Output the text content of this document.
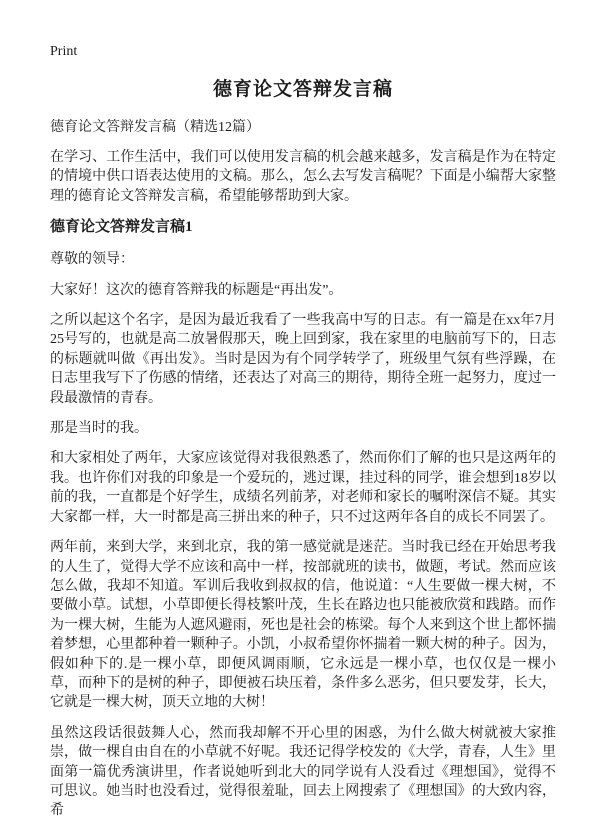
Print
德育论文答辩发言稿

德育论文答辩发言稿（精选12篇）

在学习、工作生活中，我们可以使用发言稿的机会越来越多，发言稿是作为在特定的情境中供口语表达使用的文稿。那么，怎么去写发言稿呢？下面是小编帮大家整理的德育论文答辩发言稿，希望能够帮助到大家。

德育论文答辩发言稿1

尊敬的领导：

大家好！这次的德育答辩我的标题是“再出发”。

之所以起这个名字，是因为最近我看了一些我高中写的日志。有一篇是在xx年7月25号写的，也就是高二放暑假那天，晚上回到家，我在家里的电脑前写下的，日志的标题就叫做《再出发》。当时是因为有个同学转学了，班级里气氛有些浮躁，在日志里我写下了伤感的情绪，还表达了对高三的期待，期待全班一起努力，度过一段最激情的青春。

那是当时的我。

和大家相处了两年，大家应该觉得对我很熟悉了，然而你们了解的也只是这两年的我。也许你们对我的印象是一个爱玩的，逃过课，挂过科的同学，谁会想到18岁以前的我，一直都是个好学生，成绩名列前茅，对老师和家长的嘱咐深信不疑。其实大家都一样，大一时都是高三拼出来的种子，只不过这两年各自的成长不同罢了。

两年前，来到大学，来到北京，我的第一感觉就是迷茫。当时我已经在开始思考我的人生了，觉得大学不应该和高中一样，按部就班的读书，做题，考试。然而应该怎么做，我却不知道。军训后我收到叔叔的信，他说道：“人生要做一棵大树，不要做小草。试想，小草即便长得枝繁叶茂，生长在路边也只能被欣赏和践踏。而作为一棵大树，生能为人遮风避雨，死也是社会的栋梁。每个人来到这个世上都怀揣着梦想，心里都种着一颗种子。小凯，小叔希望你怀揣着一颗大树的种子。因为，假如种下的.是一棵小草，即便风调雨顺，它永远是一棵小草，也仅仅是一棵小草，而种下的是树的种子，即便被石块压着，条件多么恶劣，但只要发芽，长大，它就是一棵大树，顶天立地的大树！

虽然这段话很鼓舞人心，然而我却解不开心里的困惑，为什么做大树就被大家推崇，做一棵自由自在的小草就不好呢。我还记得学校发的《大学，青春，人生》里面第一篇优秀演讲里，作者说她听到北大的同学说有人没看过《理想国》，觉得不可思议。她当时也没看过，觉得很羞耻，回去上网搜索了《理想国》的大致内容，希
